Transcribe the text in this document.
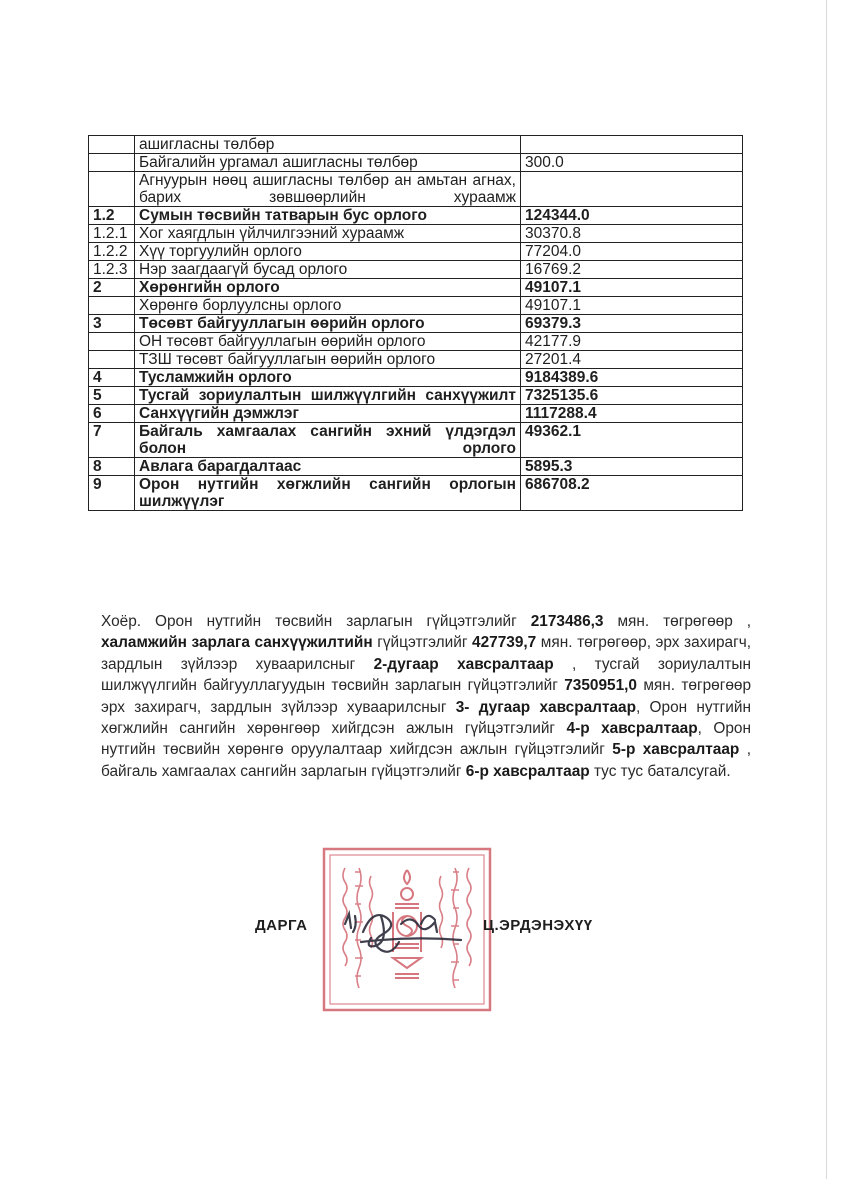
	ашигласны төлбөр	
	Байгалийн ургамал ашигласны төлбөр	300.0
	Агнуурын нөөц ашигласны төлбөр ан амьтан агнах, барих зөвшөөрлийн хураамж	
1.2	Сумын төсвийн татварын бус орлого	124344.0
1.2.1	Хог хаягдлын үйлчилгээний хураамж	30370.8
1.2.2	Хүү торгуулийн орлого	77204.0
1.2.3	Нэр заагдаагүй бусад орлого	16769.2
2	Хөрөнгийн орлого	49107.1
	Хөрөнгө борлуулсны орлого	49107.1
3	Төсөвт байгууллагын өөрийн орлого	69379.3
	ОН төсөвт байгууллагын өөрийн орлого	42177.9
	ТЗШ төсөвт байгууллагын өөрийн орлого	27201.4
4	Тусламжийн орлого	9184389.6
5	Тусгай зориулалтын шилжүүлгийн санхүүжилт	7325135.6
6	Санхүүгийн дэмжлэг	1117288.4
7	Байгаль хамгаалах сангийн эхний үлдэгдэл болон орлого	49362.1
8	Авлага барагдалтаас	5895.3
9	Орон нутгийн хөгжлийн сангийн орлогын шилжүүлэг	686708.2
Хоёр. Орон нутгийн төсвийн зарлагын гүйцэтгэлийг 2173486,3 мян. төгрөгөөр , халамжийн зарлага санхүүжилтийн гүйцэтгэлийг 427739,7 мян. төгрөгөөр, эрх захирагч, зардлын зүйлээр хуваарилсныг 2-дугаар хавсралтаар , тусгай зориулалтын шилжүүлгийн байгууллагуудын төсвийн зарлагын гүйцэтгэлийг 7350951,0 мян. төгрөгөөр эрх захирагч, зардлын зүйлээр хуваарилсныг 3- дугаар хавсралтаар, Орон нутгийн хөгжлийн сангийн хөрөнгөөр хийгдсэн ажлын гүйцэтгэлийг 4-р хавсралтаар, Орон нутгийн төсвийн хөрөнгө оруулалтаар хийгдсэн ажлын гүйцэтгэлийг 5-р хавсралтаар , байгаль хамгаалах сангийн зарлагын гүйцэтгэлийг 6-р хавсралтаар тус тус баталсугай.
ДАРГА	Ц.ЭРДЭНЭХҮҮ
